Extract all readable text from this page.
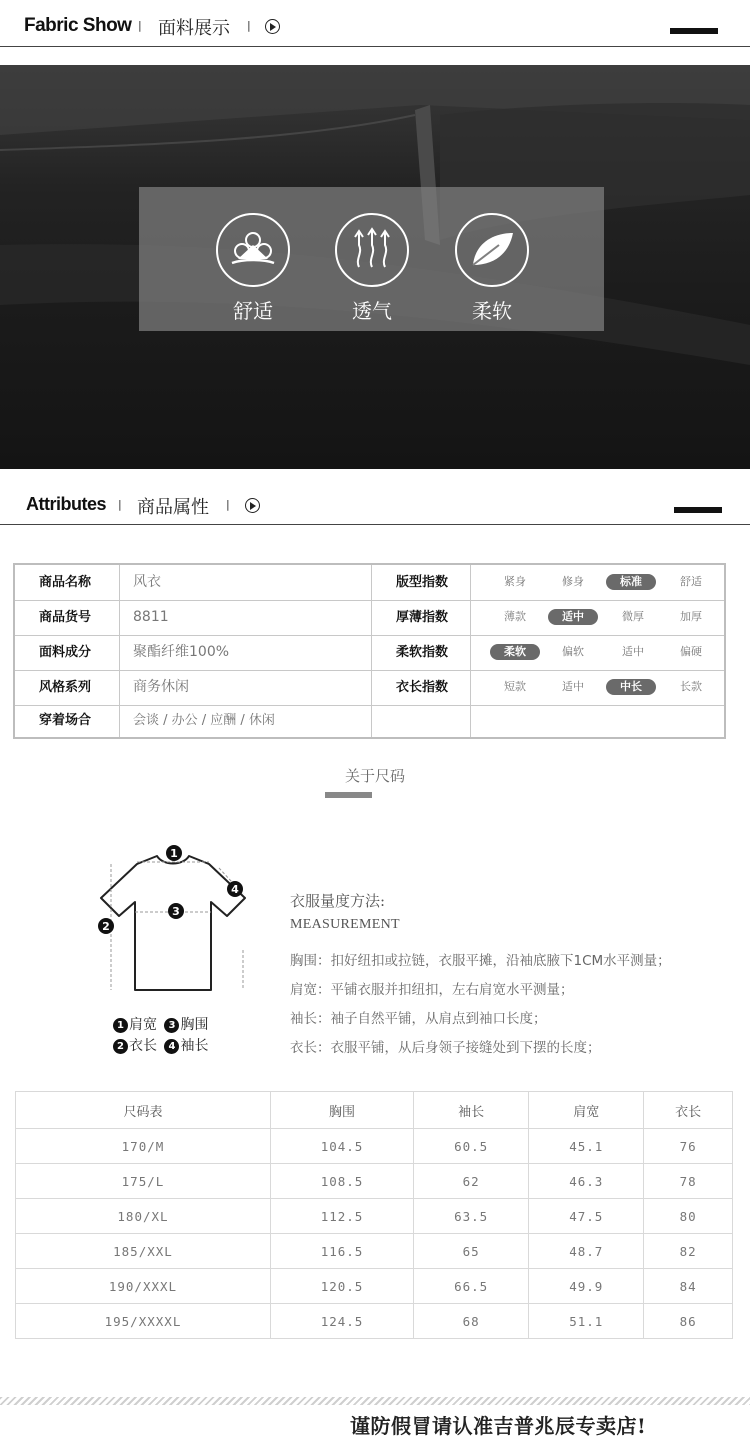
Fabric Show | 面料展示 |
舒适	透气	柔软
Attributes | 商品属性 |
商品名称	风衣	版型指数	紧身	修身	标准	舒适
商品货号	8811	厚薄指数	薄款	适中	微厚	加厚
面料成分	聚酯纤维100%	柔软指数	柔软	偏软	适中	偏硬
风格系列	商务休闲	衣长指数	短款	适中	中长	长款
穿着场合	会谈 / 办公 / 应酬 / 休闲
关于尺码
1
2
3
4
1 肩宽 3 胸围
2 衣长 4 袖长
衣服量度方法:
MEASUREMENT
胸围：扣好纽扣或拉链，衣服平摊，沿袖底腋下1CM水平测量；
肩宽：平铺衣服并扣纽扣，左右肩宽水平测量；
袖长：袖子自然平铺，从肩点到袖口长度；
衣长：衣服平铺，从后身领子接缝处到下摆的长度；
尺码表	胸围	袖长	肩宽	衣长
170/M	104.5	60.5	45.1	76
175/L	108.5	62	46.3	78
180/XL	112.5	63.5	47.5	80
185/XXL	116.5	65	48.7	82
190/XXXL	120.5	66.5	49.9	84
195/XXXXL	124.5	68	51.1	86
谨防假冒请认准吉普兆辰专卖店!
